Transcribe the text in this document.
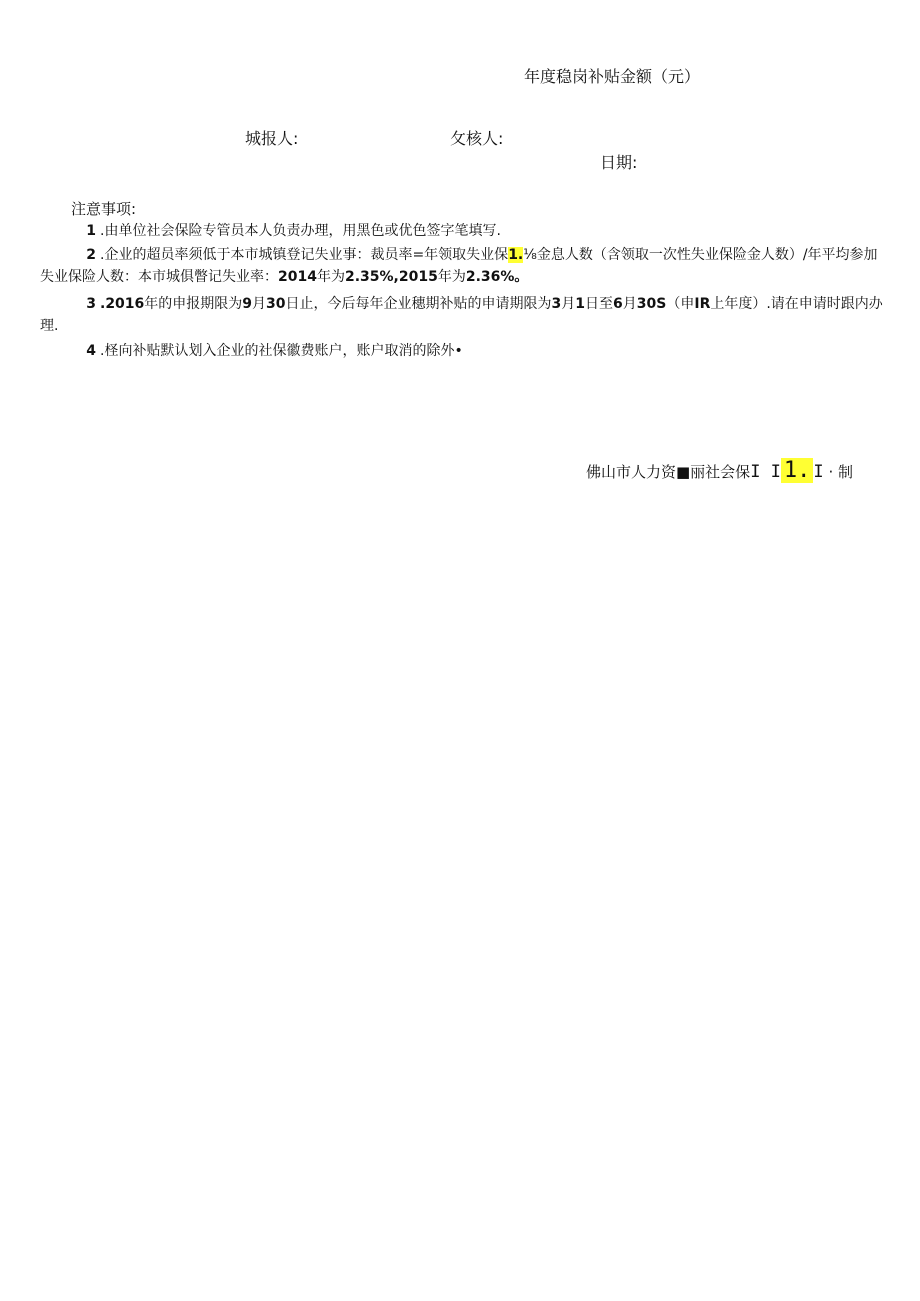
年度稳岗补贴金额（元）
城报人:	攵核人:
日期:
注意事项:
1 .由单位社会保险专管员本人负责办理，用黑色或优色签字笔填写.
2 .企业的超员率须低于本市城镇登记失业事：裁员率=年领取失业保1.⅛金息人数（含领取一次性失业保险金人数）/年平均参加失业保险人数：本市城俱瞥记失业率：2014年为2.35%,2015年为2.36%。
3 .2016年的申报期限为9月30日止，今后每年企业穗期补贴的申请期限为3月1日至6月30S（申IR上年度）.请在申请时跟内办理.
4 .柽向补贴默认划入企业的社保徽费账户，账户取消的除外•
佛山市人力资■丽社会保I I 1. I · 制
